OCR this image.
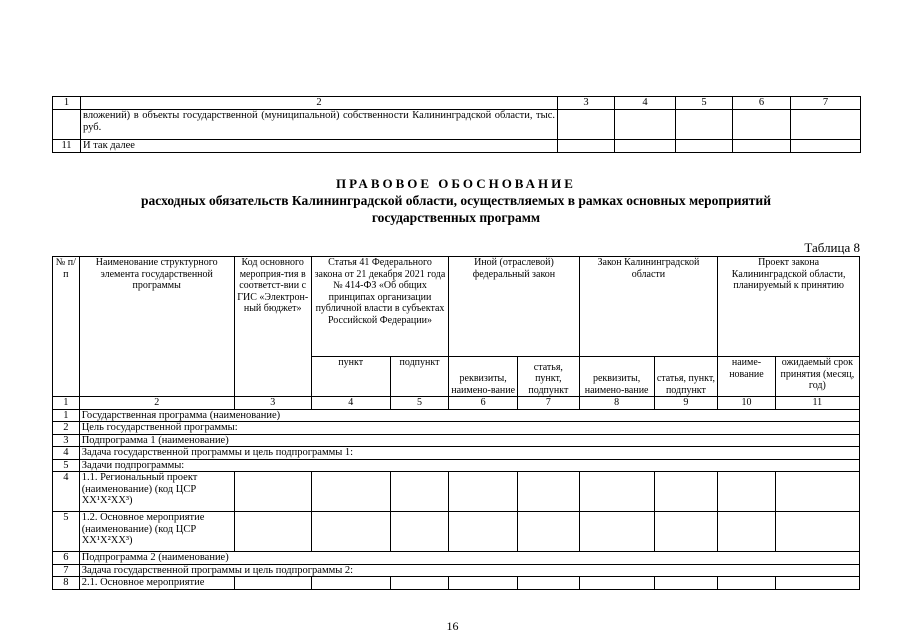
1	2	3	4	5	6	7
	вложений) в объекты государственной (муниципальной) собственности Калининградской области, тыс. руб.					
11	И так далее					
ПРАВОВОЕ ОБОСНОВАНИЕ
расходных обязательств Калининградской области, осуществляемых в рамках основных мероприятий
государственных программ
Таблица 8
№ п/п	Наименование структурного элемента государственной программы	Код основного мероприя-тия в соответст-вии с ГИС «Электрон-ный бюджет»	Статья 41 Федерального закона от 21 декабря 2021 года № 414-ФЗ «Об общих принципах организации публичной власти в субъектах Российской Федерации»		Иной (отраслевой) федеральный закон		Закон Калининградской области		Проект закона Калининградской области, планируемый к принятию	
			пункт	подпункт	реквизиты, наимено-вание	статья, пункт, подпункт	реквизиты, наимено-вание	статья, пункт, подпункт	наиме-нование	ожидаемый срок принятия (месяц, год)
1	2	3	4	5	6	7	8	9	10	11
1	Государственная программа (наименование)									
2	Цель государственной программы:									
3	Подпрограмма 1 (наименование)									
4	Задача государственной программы и цель подпрограммы 1:									
5	Задачи подпрограммы:									
4	1.1. Региональный проект (наименование) (код ЦСР ХХ¹Х²ХХ³)									
5	1.2. Основное мероприятие (наименование) (код ЦСР ХХ¹Х²ХХ³)									
6	Подпрограмма 2 (наименование)									
7	Задача государственной программы и цель подпрограммы 2:									
8	2.1. Основное мероприятие									
16
